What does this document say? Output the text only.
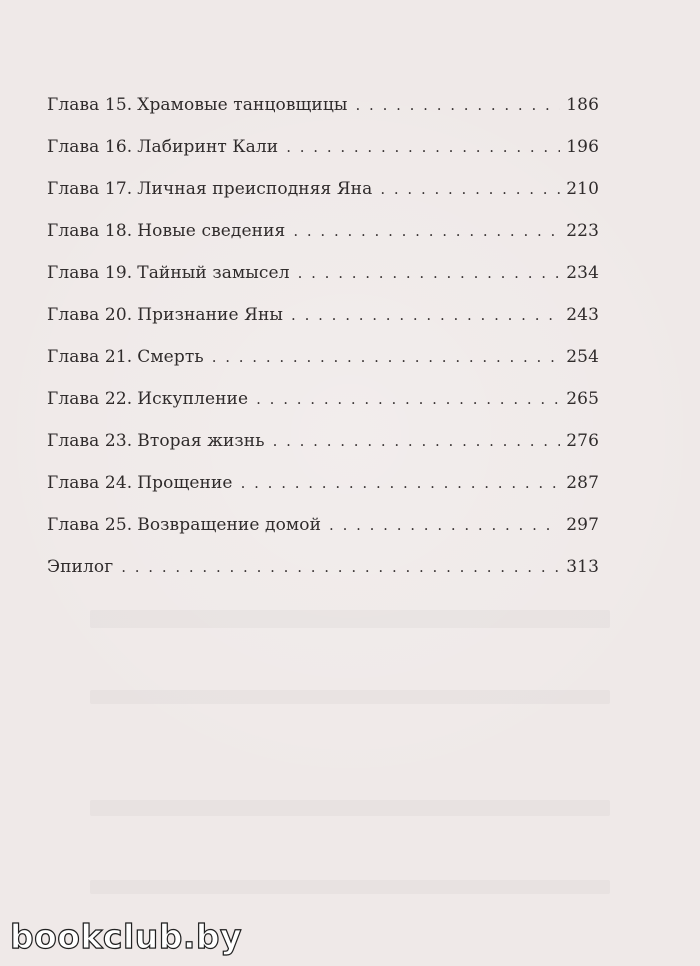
Глава 15. Храмовые танцовщицы . . .	186
Глава 16. Лабиринт Кали . . .	196
Глава 17. Личная преисподняя Яна . . .	210
Глава 18. Новые сведения . . .	223
Глава 19. Тайный замысел . . .	234
Глава 20. Признание Яны . . .	243
Глава 21. Смерть . . .	254
Глава 22. Искупление . . .	265
Глава 23. Вторая жизнь . . .	276
Глава 24. Прощение . . .	287
Глава 25. Возвращение домой . . .	297
Эпилог . . .	313
bookclub.by
